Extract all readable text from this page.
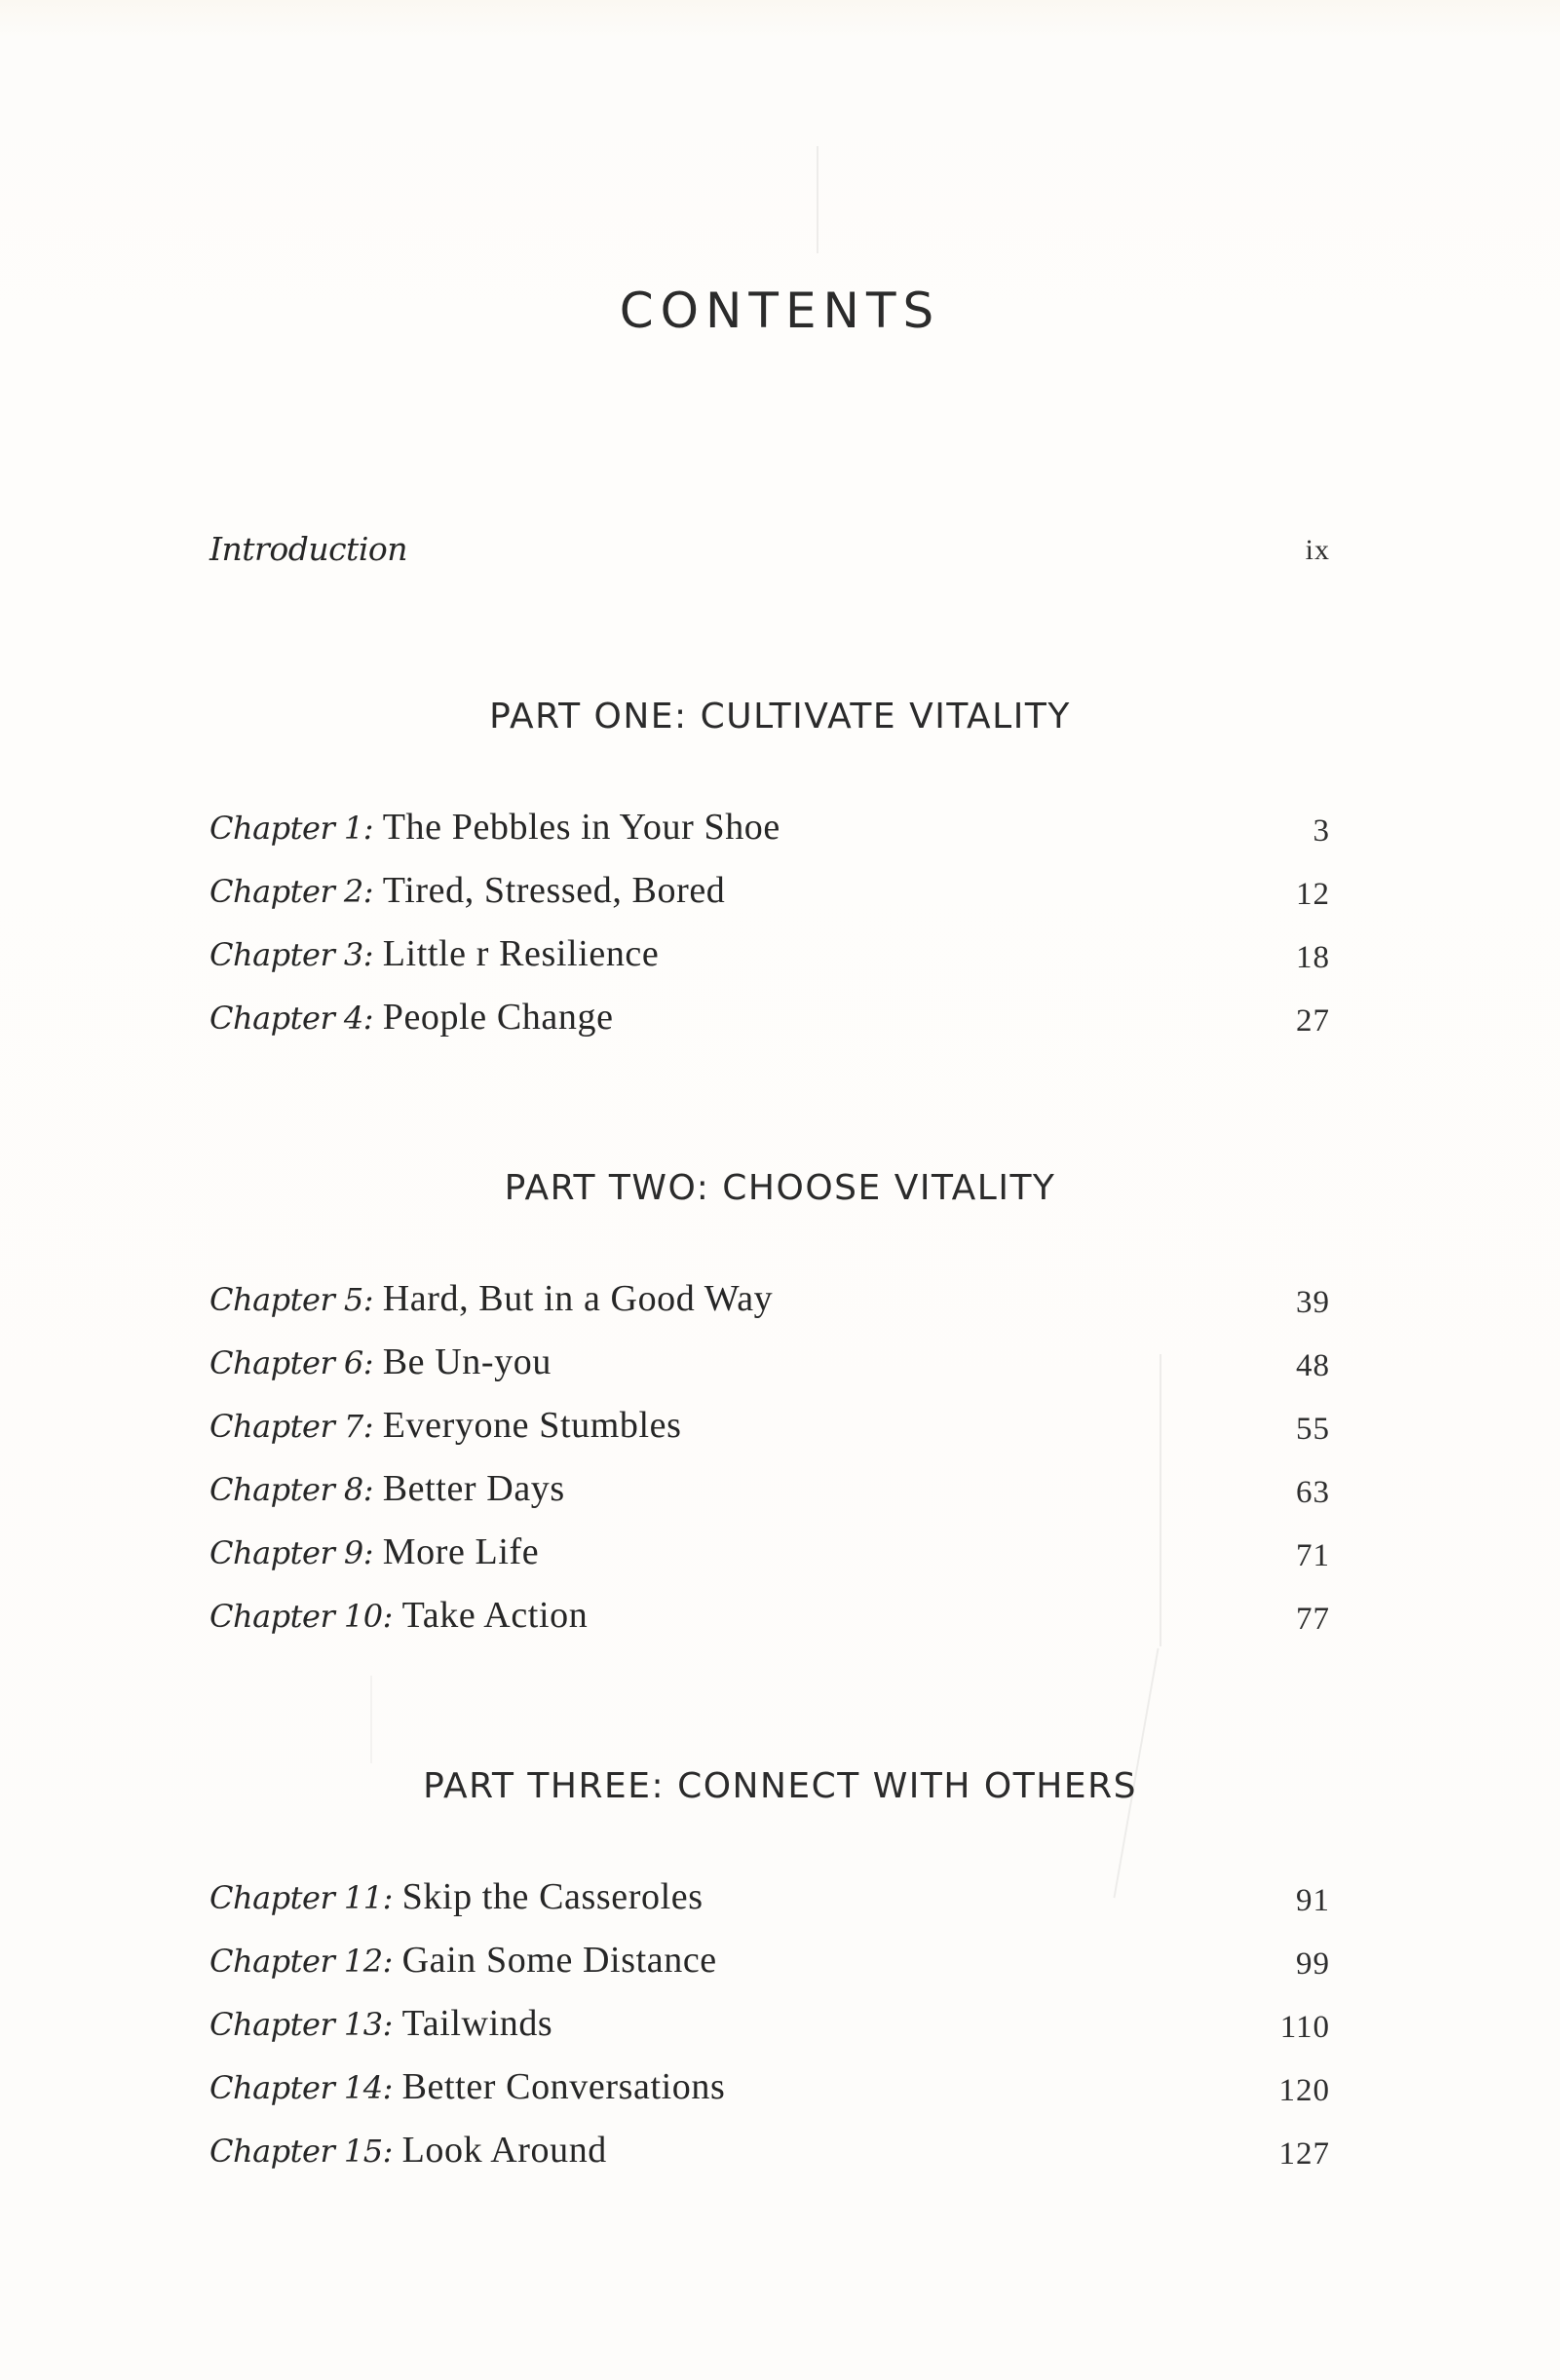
CONTENTS
Introduction	ix
PART ONE: CULTIVATE VITALITY
Chapter 1: The Pebbles in Your Shoe	3
Chapter 2: Tired, Stressed, Bored	12
Chapter 3: Little r Resilience	18
Chapter 4: People Change	27
PART TWO: CHOOSE VITALITY
Chapter 5: Hard, But in a Good Way	39
Chapter 6: Be Un-you	48
Chapter 7: Everyone Stumbles	55
Chapter 8: Better Days	63
Chapter 9: More Life	71
Chapter 10: Take Action	77
PART THREE: CONNECT WITH OTHERS
Chapter 11: Skip the Casseroles	91
Chapter 12: Gain Some Distance	99
Chapter 13: Tailwinds	110
Chapter 14: Better Conversations	120
Chapter 15: Look Around	127
